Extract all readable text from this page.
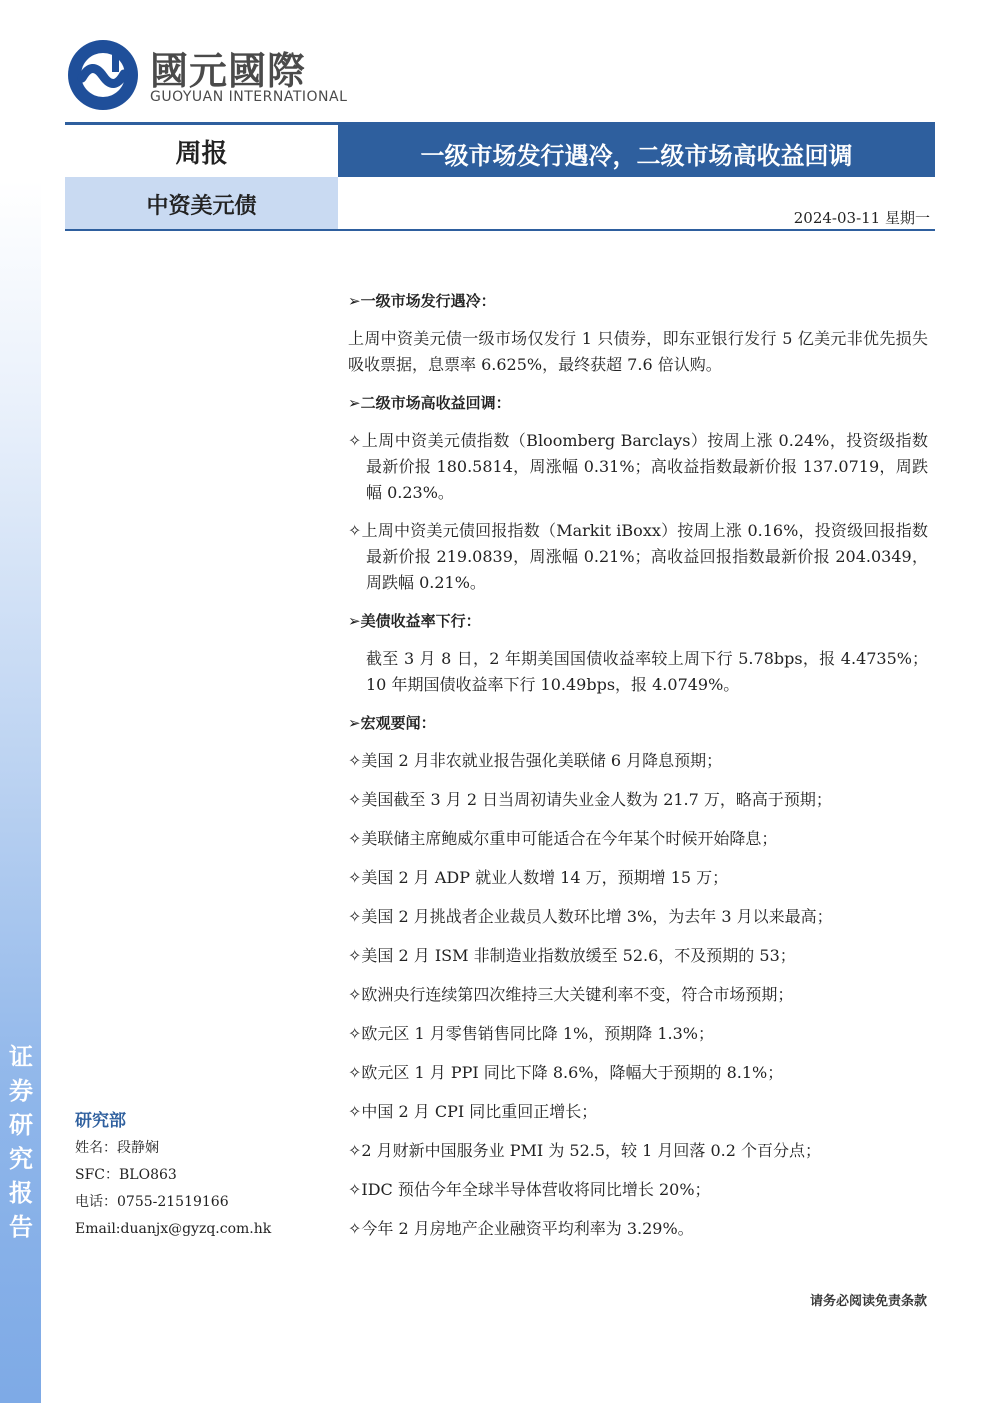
证
券
研
究
报
告
國元國際
GUOYUAN INTERNATIONAL
周报	一级市场发行遇冷，二级市场高收益回调
中资美元债	2024-03-11 星期一
➢一级市场发行遇冷：
上周中资美元债一级市场仅发行 1 只债券，即东亚银行发行 5 亿美元非优先损失吸收票据，息票率 6.625%，最终获超 7.6 倍认购。
➢二级市场高收益回调：
✧上周中资美元债指数（Bloomberg Barclays）按周上涨 0.24%，投资级指数最新价报 180.5814，周涨幅 0.31%；高收益指数最新价报 137.0719，周跌幅 0.23%。
✧上周中资美元债回报指数（Markit iBoxx）按周上涨 0.16%，投资级回报指数最新价报 219.0839，周涨幅 0.21%；高收益回报指数最新价报 204.0349，周跌幅 0.21%。
➢美债收益率下行：
截至 3 月 8 日，2 年期美国国债收益率较上周下行 5.78bps，报 4.4735%；10 年期国债收益率下行 10.49bps，报 4.0749%。
➢宏观要闻：
✧美国 2 月非农就业报告强化美联储 6 月降息预期；
✧美国截至 3 月 2 日当周初请失业金人数为 21.7 万，略高于预期；
✧美联储主席鲍威尔重申可能适合在今年某个时候开始降息；
✧美国 2 月 ADP 就业人数增 14 万，预期增 15 万；
✧美国 2 月挑战者企业裁员人数环比增 3%，为去年 3 月以来最高；
✧美国 2 月 ISM 非制造业指数放缓至 52.6，不及预期的 53；
✧欧洲央行连续第四次维持三大关键利率不变，符合市场预期；
✧欧元区 1 月零售销售同比降 1%，预期降 1.3%；
✧欧元区 1 月 PPI 同比下降 8.6%，降幅大于预期的 8.1%；
✧中国 2 月 CPI 同比重回正增长；
✧2 月财新中国服务业 PMI 为 52.5，较 1 月回落 0.2 个百分点；
✧IDC 预估今年全球半导体营收将同比增长 20%；
✧今年 2 月房地产企业融资平均利率为 3.29%。
研究部
姓名：段静娴
SFC：BLO863
电话：0755-21519166
Email:duanjx@gyzq.com.hk
请务必阅读免责条款
